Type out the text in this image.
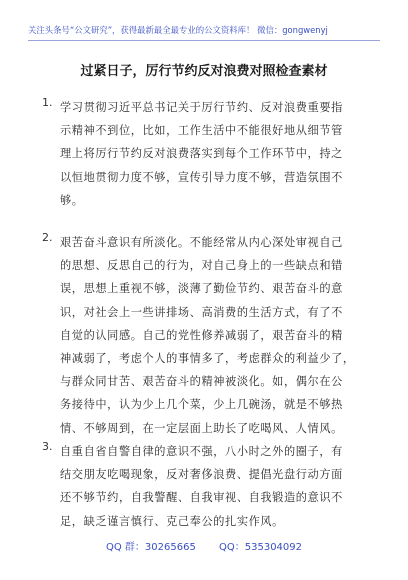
关注头条号“公文研究”，获得最新最全最专业的公文资料库！ 微信：gongwenyj
过紧日子，厉行节约反对浪费对照检查素材
1. 学习贯彻习近平总书记关于厉行节约、反对浪费重要指
示精神不到位，比如，工作生活中不能很好地从细节管
理上将厉行节约反对浪费落实到每个工作环节中，持之
以恒地贯彻力度不够，宣传引导力度不够，营造氛围不
够。
2. 艰苦奋斗意识有所淡化。不能经常从内心深处审视自己
的思想、反思自己的行为，对自己身上的一些缺点和错
误，思想上重视不够，淡薄了勤俭节约、艰苦奋斗的意
识，对社会上一些讲排场、高消费的生活方式，有了不
自觉的认同感。自己的党性修养减弱了，艰苦奋斗的精
神减弱了，考虑个人的事情多了，考虑群众的利益少了，
与群众同甘苦、艰苦奋斗的精神被淡化。如，偶尔在公
务接待中，认为少上几个菜，少上几碗汤，就是不够热
情、不够周到，在一定层面上助长了吃喝风、人情风。
3. 自重自省自警自律的意识不强，八小时之外的圈子，有
结交朋友吃喝现象，反对奢侈浪费、提倡光盘行动方面
还不够节约，自我警醒、自我审视、自我锻造的意识不
足，缺乏谨言慎行、克己奉公的扎实作风。
QQ 群：30265665 QQ：535304092
